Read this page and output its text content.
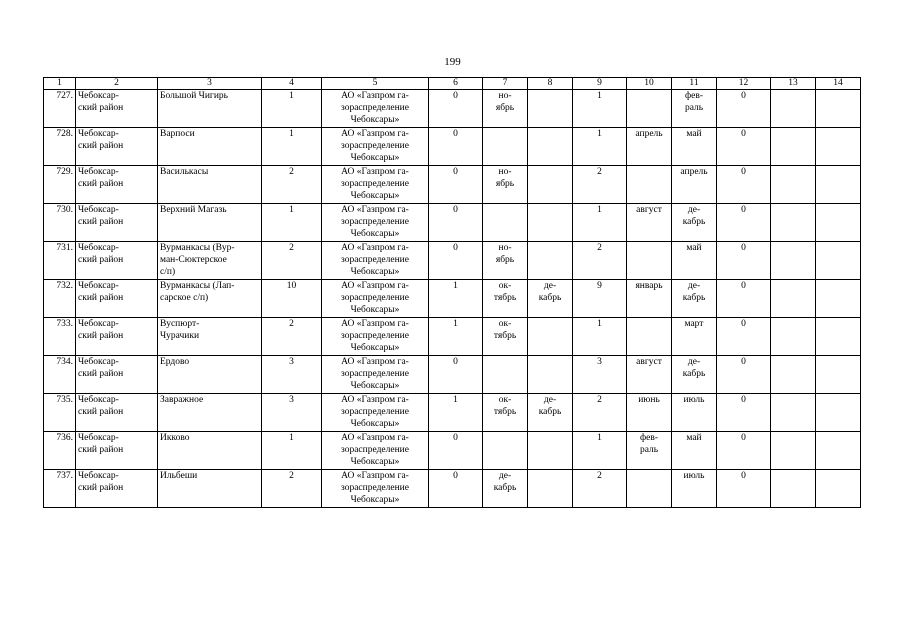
199
1	2	3	4	5	6	7	8	9	10	11	12	13	14
727.	Чебоксар-
ский район	Большой Чигирь	1	АО «Газпром га-
зораспределение
Чебоксары»	0	но-
ябрь		1		фев-
раль	0		
728.	Чебоксар-
ский район	Варпоси	1	АО «Газпром га-
зораспределение
Чебоксары»	0			1	апрель	май	0		
729.	Чебоксар-
ский район	Василькасы	2	АО «Газпром га-
зораспределение
Чебоксары»	0	но-
ябрь		2		апрель	0		
730.	Чебоксар-
ский район	Верхний Магазь	1	АО «Газпром га-
зораспределение
Чебоксары»	0			1	август	де-
кабрь	0		
731.	Чебоксар-
ский район	Вурманкасы (Вур-
ман-Сюктерское
с/п)	2	АО «Газпром га-
зораспределение
Чебоксары»	0	но-
ябрь		2		май	0		
732.	Чебоксар-
ский район	Вурманкасы (Лап-
сарское с/п)	10	АО «Газпром га-
зораспределение
Чебоксары»	1	ок-
тябрь	де-
кабрь	9	январь	де-
кабрь	0		
733.	Чебоксар-
ский район	Вуспюрт-
Чурачики	2	АО «Газпром га-
зораспределение
Чебоксары»	1	ок-
тябрь		1		март	0		
734.	Чебоксар-
ский район	Ердово	3	АО «Газпром га-
зораспределение
Чебоксары»	0			3	август	де-
кабрь	0		
735.	Чебоксар-
ский район	Завражное	3	АО «Газпром га-
зораспределение
Чебоксары»	1	ок-
тябрь	де-
кабрь	2	июнь	июль	0		
736.	Чебоксар-
ский район	Икково	1	АО «Газпром га-
зораспределение
Чебоксары»	0			1	фев-
раль	май	0		
737.	Чебоксар-
ский район	Ильбеши	2	АО «Газпром га-
зораспределение
Чебоксары»	0	де-
кабрь		2		июль	0		
